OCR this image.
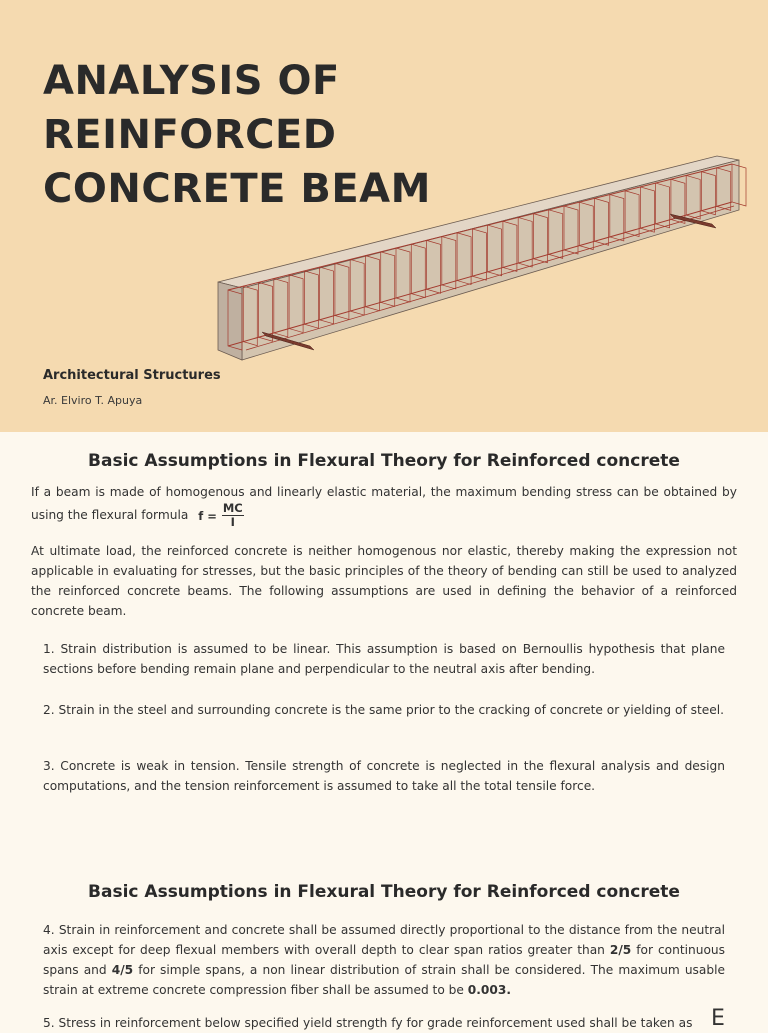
ANALYSIS OF
REINFORCED
CONCRETE BEAM
Architectural Structures
Ar. Elviro T. Apuya
Basic Assumptions in Flexural Theory for Reinforced concrete

If a beam is made of homogenous and linearly elastic material, the maximum bending stress can be obtained by using the flexural formula $f = \frac{MC}{I}$

At ultimate load, the reinforced concrete is neither homogenous nor elastic, thereby making the expression not applicable in evaluating for stresses, but the basic principles of the theory of bending can still be used to analyzed the reinforced concrete beams. The following assumptions are used in defining the behavior of a reinforced concrete beam.

1. Strain distribution is assumed to be linear. This assumption is based on Bernoullis hypothesis that plane sections before bending remain plane and perpendicular to the neutral axis after bending.

2. Strain in the steel and surrounding concrete is the same prior to the cracking of concrete or yielding of steel.

3. Concrete is weak in tension. Tensile strength of concrete is neglected in the flexural analysis and design computations, and the tension reinforcement is assumed to take all the total tensile force.

Basic Assumptions in Flexural Theory for Reinforced concrete

4. Strain in reinforcement and concrete shall be assumed directly proportional to the distance from the neutral axis except for deep flexual members with overall depth to clear span ratios greater than 2/5 for continuous spans and 4/5 for simple spans, a non linear distribution of strain shall be considered. The maximum usable strain at extreme concrete compression fiber shall be assumed to be 0.003.

5. Stress in reinforcement below specified yield strength fy for grade reinforcement used shall be taken as E
